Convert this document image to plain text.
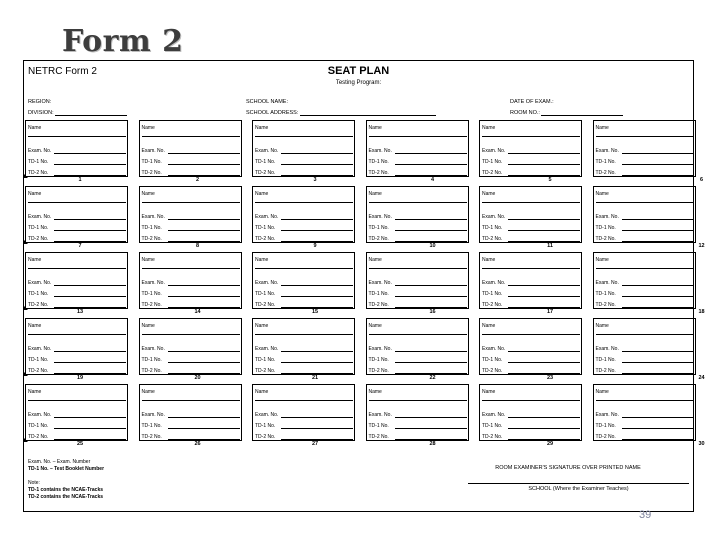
Form 2
NETRC Form 2	SEAT PLAN
Testing Program:
REGION:
DIVISION:
SCHOOL NAME:
SCHOOL ADDRESS:
DATE OF EXAM.:
ROOM NO.:
Name
Exam. No.
TD-1 No.
TD-2 No.
1
Name
Exam. No.
TD-1 No.
TD-2 No.
2
Name
Exam. No.
TD-1 No.
TD-2 No.
3
Name
Exam. No.
TD-1 No.
TD-2 No.
4
Name
Exam. No.
TD-1 No.
TD-2 No.
5
Name
Exam. No.
TD-1 No.
TD-2 No.
6
Name
Exam. No.
TD-1 No.
TD-2 No.
7
Name
Exam. No.
TD-1 No.
TD-2 No.
8
Name
Exam. No.
TD-1 No.
TD-2 No.
9
Name
Exam. No.
TD-1 No.
TD-2 No.
10
Name
Exam. No.
TD-1 No.
TD-2 No.
11
Name
Exam. No.
TD-1 No.
TD-2 No.
12
Name
Exam. No.
TD-1 No.
TD-2 No.
13
Name
Exam. No.
TD-1 No.
TD-2 No.
14
Name
Exam. No.
TD-1 No.
TD-2 No.
15
Name
Exam. No.
TD-1 No.
TD-2 No.
16
Name
Exam. No.
TD-1 No.
TD-2 No.
17
Name
Exam. No.
TD-1 No.
TD-2 No.
18
Name
Exam. No.
TD-1 No.
TD-2 No.
19
Name
Exam. No.
TD-1 No.
TD-2 No.
20
Name
Exam. No.
TD-1 No.
TD-2 No.
21
Name
Exam. No.
TD-1 No.
TD-2 No.
22
Name
Exam. No.
TD-1 No.
TD-2 No.
23
Name
Exam. No.
TD-1 No.
TD-2 No.
24
Name
Exam. No.
TD-1 No.
TD-2 No.
25
Name
Exam. No.
TD-1 No.
TD-2 No.
26
Name
Exam. No.
TD-1 No.
TD-2 No.
27
Name
Exam. No.
TD-1 No.
TD-2 No.
28
Name
Exam. No.
TD-1 No.
TD-2 No.
29
Name
Exam. No.
TD-1 No.
TD-2 No.
30
Exam. No. – Exam. Number
TD-1 No. – Test Booklet Number
Note:
TD-1 contains the NCAE-Tracks
TD-2 contains the NCAE-Tracks
ROOM EXAMINER'S SIGNATURE OVER PRINTED NAME
SCHOOL (Where the Examiner Teaches)
39
